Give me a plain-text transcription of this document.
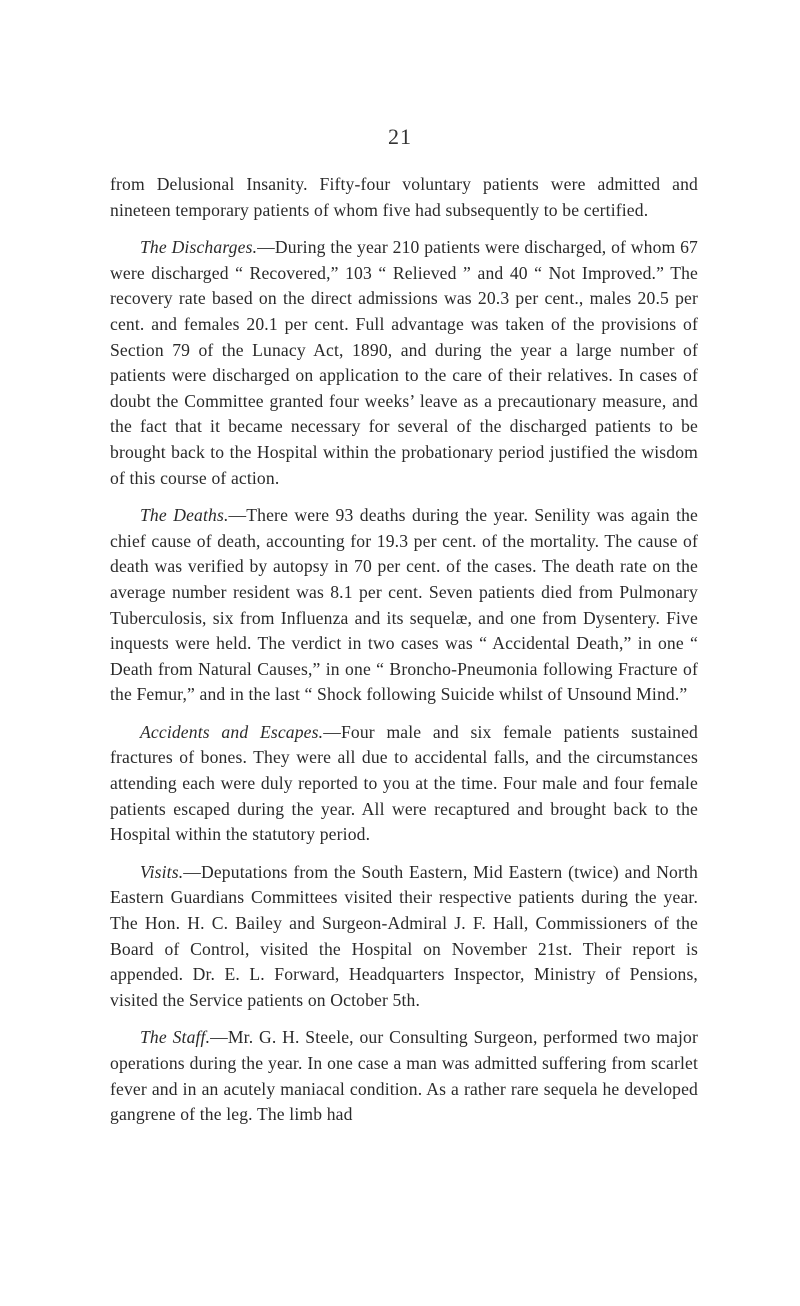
21

from Delusional Insanity. Fifty-four voluntary patients were admitted and nineteen temporary patients of whom five had subsequently to be certified.

The Discharges.—During the year 210 patients were discharged, of whom 67 were discharged “ Recovered,” 103 “ Relieved ” and 40 “ Not Improved.” The recovery rate based on the direct admissions was 20.3 per cent., males 20.5 per cent. and females 20.1 per cent. Full advantage was taken of the provisions of Section 79 of the Lunacy Act, 1890, and during the year a large number of patients were discharged on application to the care of their relatives. In cases of doubt the Committee granted four weeks’ leave as a precautionary measure, and the fact that it became necessary for several of the discharged patients to be brought back to the Hospital within the probationary period justified the wisdom of this course of action.

The Deaths.—There were 93 deaths during the year. Senility was again the chief cause of death, accounting for 19.3 per cent. of the mortality. The cause of death was verified by autopsy in 70 per cent. of the cases. The death rate on the average number resident was 8.1 per cent. Seven patients died from Pulmonary Tuberculosis, six from Influenza and its sequelæ, and one from Dysentery. Five inquests were held. The verdict in two cases was “ Accidental Death,” in one “ Death from Natural Causes,” in one “ Broncho-Pneumonia following Fracture of the Femur,” and in the last “ Shock following Suicide whilst of Unsound Mind.”

Accidents and Escapes.—Four male and six female patients sustained fractures of bones. They were all due to accidental falls, and the circumstances attending each were duly reported to you at the time. Four male and four female patients escaped during the year. All were recaptured and brought back to the Hospital within the statutory period.

Visits.—Deputations from the South Eastern, Mid Eastern (twice) and North Eastern Guardians Committees visited their respective patients during the year. The Hon. H. C. Bailey and Surgeon-Admiral J. F. Hall, Commissioners of the Board of Control, visited the Hospital on November 21st. Their report is appended. Dr. E. L. Forward, Headquarters Inspector, Ministry of Pensions, visited the Service patients on October 5th.

The Staff.—Mr. G. H. Steele, our Consulting Surgeon, performed two major operations during the year. In one case a man was admitted suffering from scarlet fever and in an acutely maniacal condition. As a rather rare sequela he developed gangrene of the leg. The limb had
